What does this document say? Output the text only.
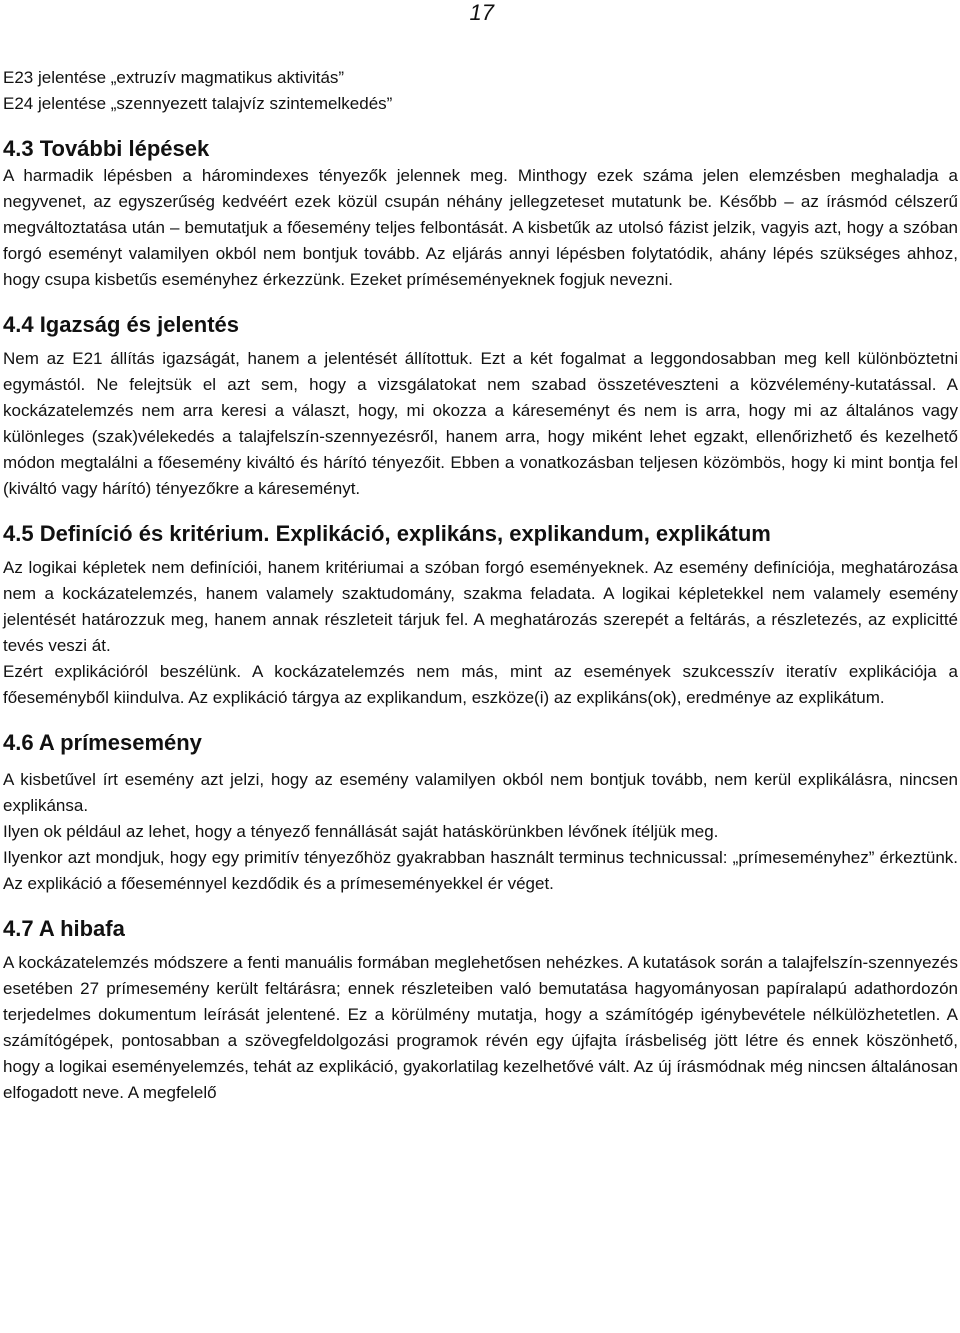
17

E23 jelentése „extruzív magmatikus aktivitás”

E24 jelentése „szennyezett talajvíz szintemelkedés”

4.3 További lépések

A harmadik lépésben a háromindexes tényezők jelennek meg. Minthogy ezek száma jelen elemzésben meghaladja a negyvenet, az egyszerűség kedvéért ezek közül csupán néhány jellegzeteset mutatunk be. Később – az írásmód célszerű megváltoztatása után – bemutatjuk a főesemény teljes felbontását. A kisbetűk az utolsó fázist jelzik, vagyis azt, hogy a szóban forgó eseményt valamilyen okból nem bontjuk tovább. Az eljárás annyi lépésben folytatódik, ahány lépés szükséges ahhoz, hogy csupa kisbetűs eseményhez érkezzünk. Ezeket príméseményeknek fogjuk nevezni.

4.4 Igazság és jelentés

Nem az E21 állítás igazságát, hanem a jelentését állítottuk. Ezt a két fogalmat a leggondosabban meg kell különböztetni egymástól. Ne felejtsük el azt sem, hogy a vizsgálatokat nem szabad összetéveszteni a közvélemény-kutatással. A kockázatelemzés nem arra keresi a választ, hogy, mi okozza a káreseményt és nem is arra, hogy mi az általános vagy különleges (szak)vélekedés a talajfelszín-szennyezésről, hanem arra, hogy miként lehet egzakt, ellenőrizhető és kezelhető módon megtalálni a főesemény kiváltó és hárító tényezőit. Ebben a vonatkozásban teljesen közömbös, hogy ki mint bontja fel (kiváltó vagy hárító) tényezőkre a káreseményt.

4.5 Definíció és kritérium. Explikáció, explikáns, explikandum, explikátum

Az logikai képletek nem definíciói, hanem kritériumai a szóban forgó eseményeknek. Az esemény definíciója, meghatározása nem a kockázatelemzés, hanem valamely szaktudomány, szakma feladata. A logikai képletekkel nem valamely esemény jelentését határozzuk meg, hanem annak részleteit tárjuk fel. A meghatározás szerepét a feltárás, a részletezés, az explicitté tevés veszi át.

Ezért explikációról beszélünk. A kockázatelemzés nem más, mint az események szukcesszív iteratív explikációja a főeseményből kiindulva. Az explikáció tárgya az explikandum, eszköze(i) az explikáns(ok), eredménye az explikátum.

4.6 A prímesemény

A kisbetűvel írt esemény azt jelzi, hogy az esemény valamilyen okból nem bontjuk tovább, nem kerül explikálásra, nincsen explikánsa.

Ilyen ok például az lehet, hogy a tényező fennállását saját hatáskörünkben lévőnek ítéljük meg.

Ilyenkor azt mondjuk, hogy egy primitív tényezőhöz gyakrabban használt terminus technicussal: „prímeseményhez” érkeztünk. Az explikáció a főeseménnyel kezdődik és a prímeseményekkel ér véget.

4.7 A hibafa

A kockázatelemzés módszere a fenti manuális formában meglehetősen nehézkes. A kutatások során a talajfelszín-szennyezés esetében 27 prímesemény került feltárásra; ennek részleteiben való bemutatása hagyományosan papíralapú adathordozón terjedelmes dokumentum leírását jelentené. Ez a körülmény mutatja, hogy a számítógép igénybevétele nélkülözhetetlen. A számítógépek, pontosabban a szövegfeldolgozási programok révén egy újfajta írásbeliség jött létre és ennek köszönhető, hogy a logikai eseményelemzés, tehát az explikáció, gyakorlatilag kezelhetővé vált. Az új írásmódnak még nincsen általánosan elfogadott neve. A megfelelő
